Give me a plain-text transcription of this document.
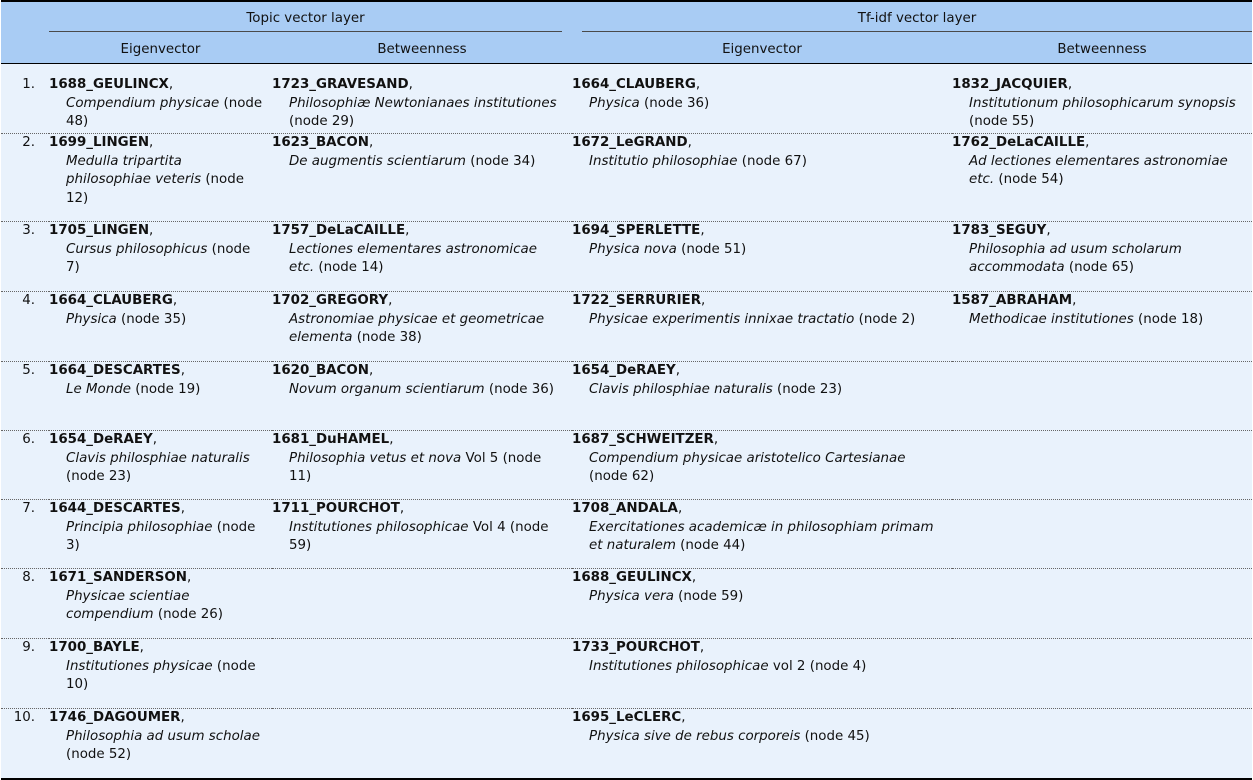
Topic vector layer			Tf-idf vector layer	

	Eigenvector	Betweenness	Eigenvector	Betweenness
1.	1688_GEULINCX,
Compendium physicae (node 48)	1723_GRAVESAND,
Philosophiæ Newtonianaes institutiones (node 29)	1664_CLAUBERG,
Physica (node 36)	1832_JACQUIER,
Institutionum philosophicarum synopsis (node 55)

2.	1699_LINGEN,
Medulla tripartita philosophiae veteris (node 12)	1623_BACON,
De augmentis scientiarum (node 34)	1672_LeGRAND,
Institutio philosophiae (node 67)	1762_DeLaCAILLE,
Ad lectiones elementares astronomiae etc. (node 54)

3.	1705_LINGEN,
Cursus philosophicus (node 7)	1757_DeLaCAILLE,
Lectiones elementares astronomicae etc. (node 14)	1694_SPERLETTE,
Physica nova (node 51)	1783_SEGUY,
Philosophia ad usum scholarum accommodata (node 65)

4.	1664_CLAUBERG,
Physica (node 35)	1702_GREGORY,
Astronomiae physicae et geometricae elementa (node 38)	1722_SERRURIER,
Physicae experimentis innixae tractatio (node 2)	1587_ABRAHAM,
Methodicae institutiones (node 18)

5.	1664_DESCARTES,
Le Monde (node 19)	1620_BACON,
Novum organum scientiarum (node 36)	1654_DeRAEY,
Clavis philosphiae naturalis (node 23)	

6.	1654_DeRAEY,
Clavis philosphiae naturalis (node 23)	1681_DuHAMEL,
Philosophia vetus et nova Vol 5 (node 11)	1687_SCHWEITZER,
Compendium physicae aristotelico Cartesianae (node 62)	

7.	1644_DESCARTES,
Principia philosophiae (node 3)	1711_POURCHOT,
Institutiones philosophicae Vol 4 (node 59)	1708_ANDALA,
Exercitationes academicæ in philosophiam primam et naturalem (node 44)	

8.	1671_SANDERSON,
Physicae scientiae compendium (node 26)		1688_GEULINCX,
Physica vera (node 59)	

9.	1700_BAYLE,
Institutiones physicae (node 10)		1733_POURCHOT,
Institutiones philosophicae vol 2 (node 4)	

10.	1746_DAGOUMER,
Philosophia ad usum scholae (node 52)		1695_LeCLERC,
Physica sive de rebus corporeis (node 45)	
